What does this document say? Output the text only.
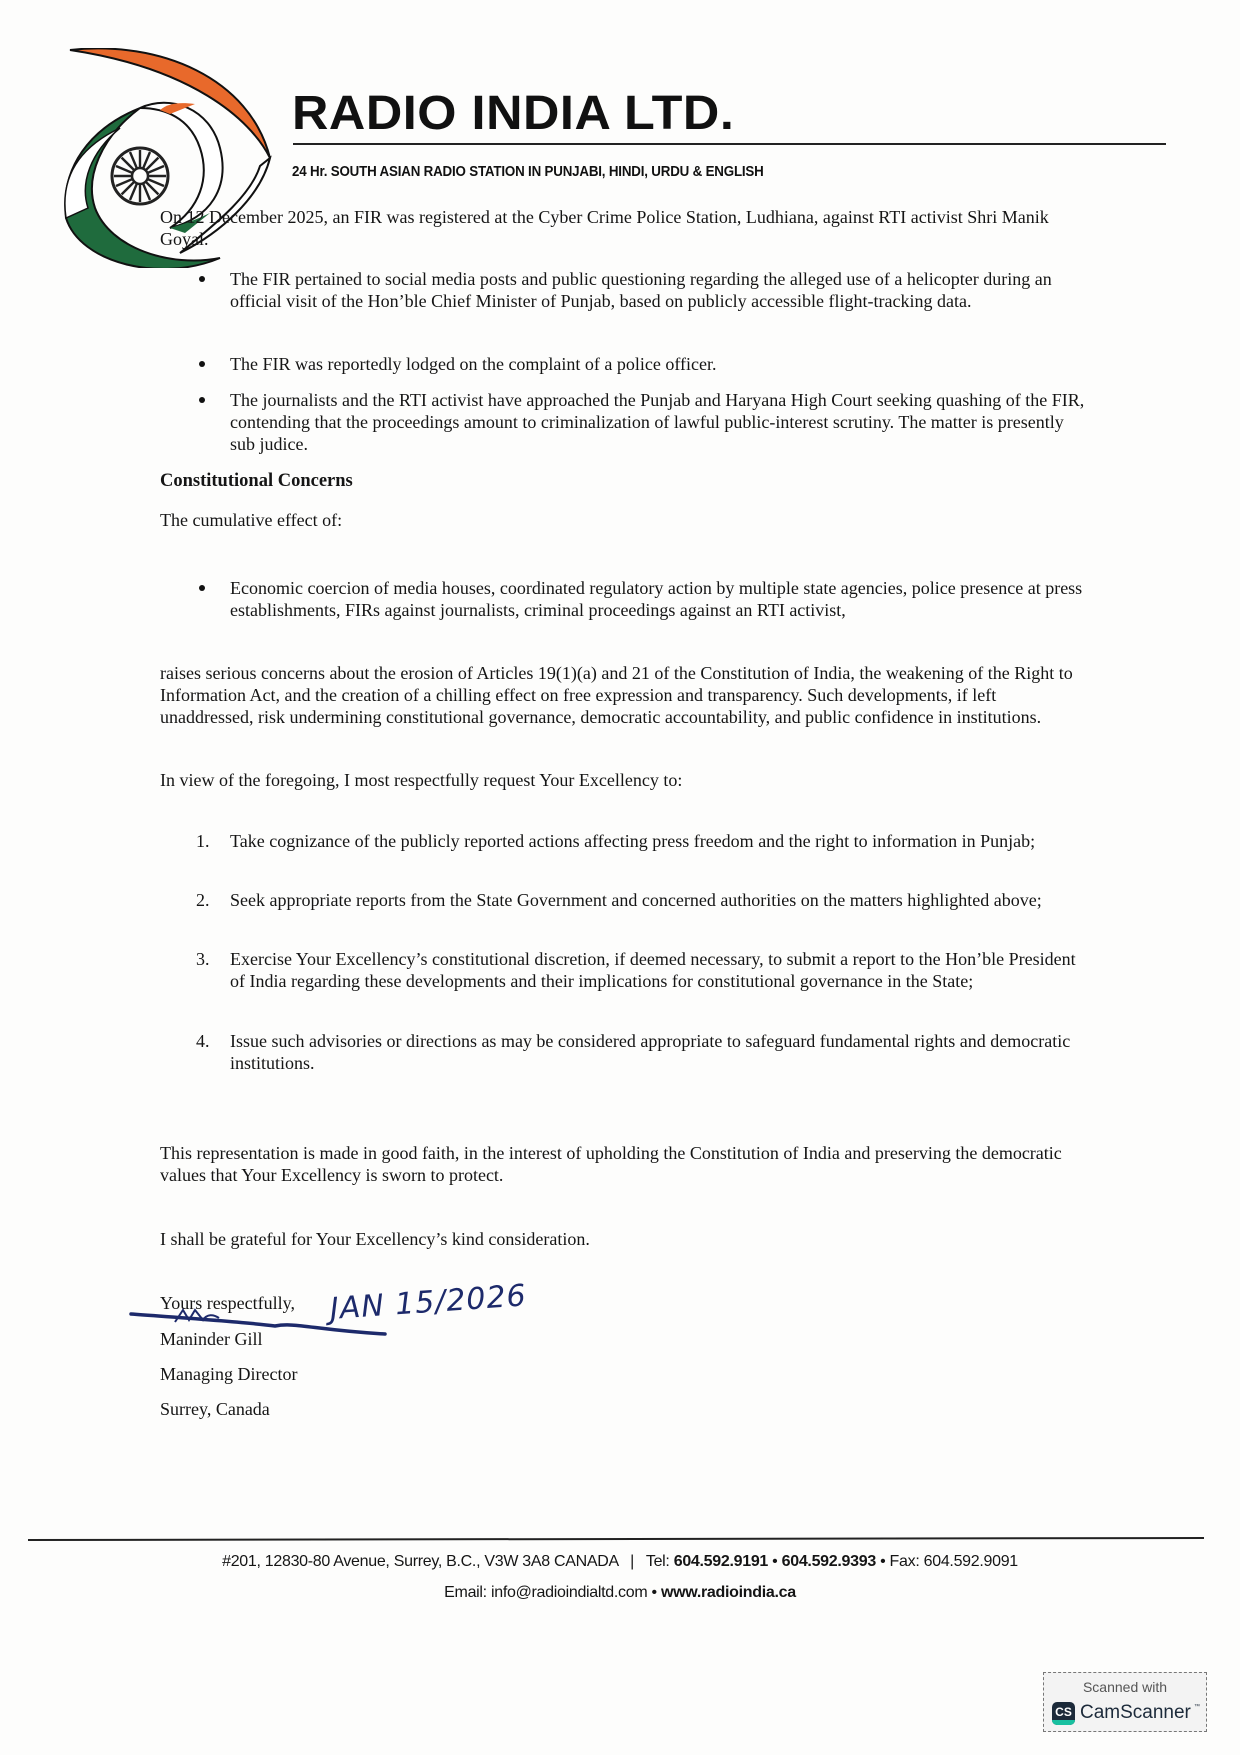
RADIO INDIA LTD.
24 Hr. SOUTH ASIAN RADIO STATION IN PUNJABI, HINDI, URDU & ENGLISH
On 12 December 2025, an FIR was registered at the Cyber Crime Police Station, Ludhiana, against RTI activist Shri Manik Goyal.
The FIR pertained to social media posts and public questioning regarding the alleged use of a helicopter during an official visit of the Hon’ble Chief Minister of Punjab, based on publicly accessible flight-tracking data.
The FIR was reportedly lodged on the complaint of a police officer.
The journalists and the RTI activist have approached the Punjab and Haryana High Court seeking quashing of the FIR, contending that the proceedings amount to criminalization of lawful public-interest scrutiny. The matter is presently sub judice.
Constitutional Concerns
The cumulative effect of:
Economic coercion of media houses, coordinated regulatory action by multiple state agencies, police presence at press establishments, FIRs against journalists, criminal proceedings against an RTI activist,
raises serious concerns about the erosion of Articles 19(1)(a) and 21 of the Constitution of India, the weakening of the Right to Information Act, and the creation of a chilling effect on free expression and transparency. Such developments, if left unaddressed, risk undermining constitutional governance, democratic accountability, and public confidence in institutions.
In view of the foregoing, I most respectfully request Your Excellency to:
1. Take cognizance of the publicly reported actions affecting press freedom and the right to information in Punjab;
2. Seek appropriate reports from the State Government and concerned authorities on the matters highlighted above;
3. Exercise Your Excellency’s constitutional discretion, if deemed necessary, to submit a report to the Hon’ble President of India regarding these developments and their implications for constitutional governance in the State;
4. Issue such advisories or directions as may be considered appropriate to safeguard fundamental rights and democratic institutions.
This representation is made in good faith, in the interest of upholding the Constitution of India and preserving the democratic values that Your Excellency is sworn to protect.
I shall be grateful for Your Excellency’s kind consideration.
Yours respectfully,	JAN 15/2026
Maninder Gill
Managing Director
Surrey, Canada
#201, 12830-80 Avenue, Surrey, B.C., V3W 3A8 CANADA | Tel: 604.592.9191 • 604.592.9393 • Fax: 604.592.9091
Email: info@radioindialtd.com • www.radioindia.ca
Scanned with
CS CamScanner ™
